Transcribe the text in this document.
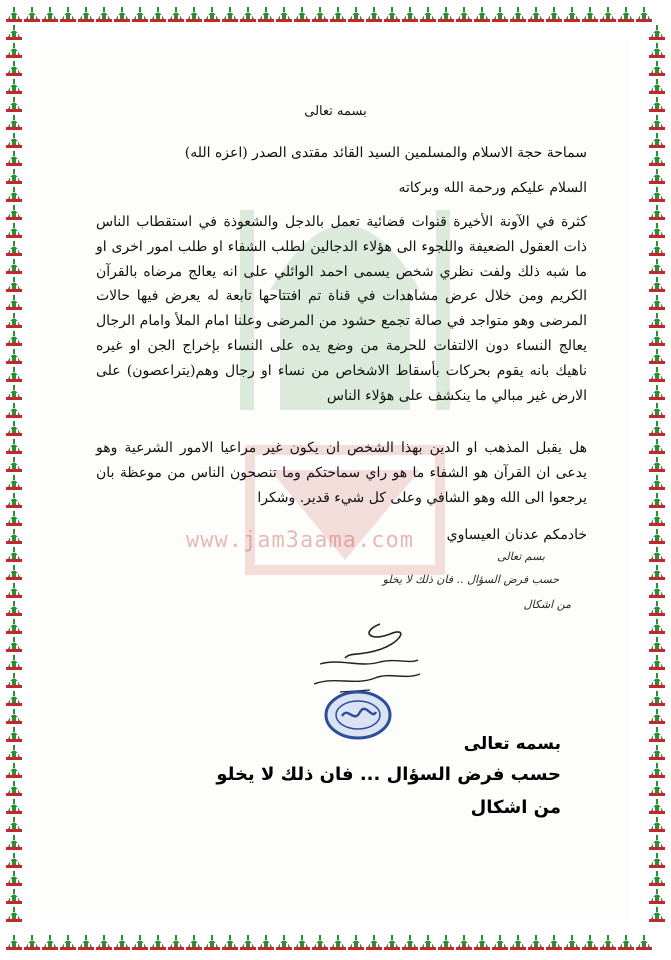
www.jam3aama.com
بسمه تعالى
سماحة حجة الاسلام والمسلمين السيد القائد مقتدى الصدر (اعزه الله)
السلام عليكم ورحمة الله وبركاته
كثرة في الآونة الأخيرة قنوات فضائية تعمل بالدجل والشعوذة في استقطاب الناس ذات العقول الضعيفة واللجوء الى هؤلاء الدجالين لطلب الشفاء او طلب امور اخرى او ما شبه ذلك ولفت نظري شخص يسمى احمد الوائلي على انه يعالج مرضاه بالقرآن الكريم ومن خلال عرض مشاهدات في قناة تم افتتاحها تابعة له يعرض فيها حالات المرضى وهو متواجد في صالة تجمع حشود من المرضى وعلنا امام الملأ وامام الرجال يعالج النساء دون الالتفات للحرمة من وضع يده على النساء بإخراج الجن او غيره ناهيك بانه يقوم بحركات بأسقاط الاشخاص من نساء او رجال وهم(يتراعصون) على الارض غير مبالي ما ينكشف على هؤلاء الناس
هل يقبل المذهب او الدين بهذا الشخص ان يكون غير مراعيا الامور الشرعية وهو يدعى ان القرآن هو الشفاء ما هو راي سماحتكم وما تنصحون الناس من موعظة بان يرجعوا الى الله وهو الشافي وعلى كل شيء قدير. وشكرا
خادمكم عدنان العيساوي
بسم تعالى
حسب فرض السؤال .. فان ذلك لا يخلو
من اشكال
بسمه تعالى
حسب فرض السؤال ... فان ذلك لا يخلو
من اشكال
